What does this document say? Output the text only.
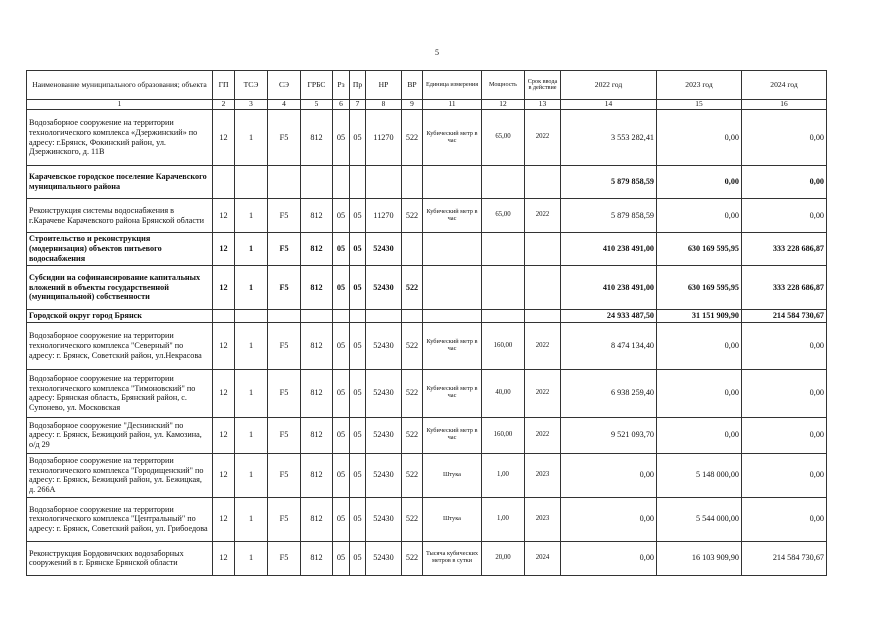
5
Наименование муниципального образования; объекта	ГП	ТСЭ	СЭ	ГРБС	Рз	Пр	НР	ВР	Единица измерения	Мощность	Срок ввода в действие	2022 год	2023 год	2024 год
1	2	3	4	5	6	7	8	9	11	12	13	14	15	16
Водозаборное сооружение на территории технологического комплекса «Дзержинский» по адресу: г.Брянск, Фокинский район, ул. Дзержинского, д. 11В	12	1	F5	812	05	05	11270	522	Кубический метр в час	65,00	2022	3 553 282,41	0,00	0,00
Карачевское городское поселение Карачевского муниципального района												5 879 858,59	0,00	0,00
Реконструкция системы водоснабжения в г.Карачеве Карачевского района Брянской области	12	1	F5	812	05	05	11270	522	Кубический метр в час	65,00	2022	5 879 858,59	0,00	0,00
Строительство и реконструкция (модернизация) объектов питьевого водоснабжения	12	1	F5	812	05	05	52430					410 238 491,00	630 169 595,95	333 228 686,87
Субсидии на софинансирование капитальных вложений в объекты государственной (муниципальной) собственности	12	1	F5	812	05	05	52430	522				410 238 491,00	630 169 595,95	333 228 686,87
Городской округ город Брянск												24 933 487,50	31 151 909,90	214 584 730,67
Водозаборное сооружение на территории технологического комплекса "Северный" по адресу: г. Брянск, Советский район, ул.Некрасова	12	1	F5	812	05	05	52430	522	Кубический метр в час	160,00	2022	8 474 134,40	0,00	0,00
Водозаборное сооружение на территории технологического комплекса "Тимоновский" по адресу: Брянская область, Брянский район, с. Супонево, ул. Московская	12	1	F5	812	05	05	52430	522	Кубический метр в час	40,00	2022	6 938 259,40	0,00	0,00
Водозаборное сооружение "Деснинский" по адресу: г. Брянск, Бежицкий район, ул. Камозина, о/д 29	12	1	F5	812	05	05	52430	522	Кубический метр в час	160,00	2022	9 521 093,70	0,00	0,00
Водозаборное сооружение на территории технологического комплекса "Городищенский" по адресу: г. Брянск, Бежицкий район, ул. Бежицкая, д. 266А	12	1	F5	812	05	05	52430	522	Штука	1,00	2023	0,00	5 148 000,00	0,00
Водозаборное сооружение на территории технологического комплекса "Центральный" по адресу: г. Брянск, Советский район, ул. Грибоедова	12	1	F5	812	05	05	52430	522	Штука	1,00	2023	0,00	5 544 000,00	0,00
Реконструкция Бордовичских водозаборных сооружений в г. Брянске Брянской области	12	1	F5	812	05	05	52430	522	Тысяча кубических метров в сутки	20,00	2024	0,00	16 103 909,90	214 584 730,67
